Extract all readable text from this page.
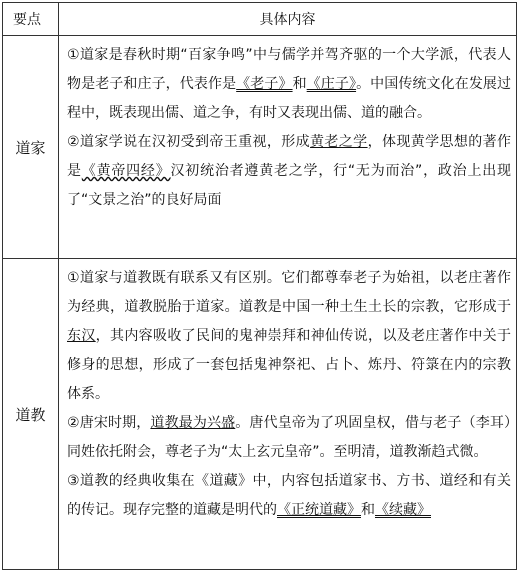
要点	具体内容
道家	①道家是春秋时期“百家争鸣”中与儒学并驾齐驱的一个大学派，代表人物是老子和庄子，代表作是《老子》和《庄子》。中国传统文化在发展过程中，既表现出儒、道之争，有时又表现出儒、道的融合。

②道家学说在汉初受到帝王重视，形成黄老之学，体现黄学思想的著作是《黄帝四经》汉初统治者遵黄老之学，行“无为而治”，政治上出现了“文景之治”的良好局面

道教	①道家与道教既有联系又有区别。它们都尊奉老子为始祖，以老庄著作为经典，道教脱胎于道家。道教是中国一种土生土长的宗教，它形成于东汉，其内容吸收了民间的鬼神崇拜和神仙传说，以及老庄著作中关于修身的思想，形成了一套包括鬼神祭祀、占卜、炼丹、符箓在内的宗教体系。

②唐宋时期，道教最为兴盛。唐代皇帝为了巩固皇权，借与老子（李耳）同姓依托附会，尊老子为“太上玄元皇帝”。至明清，道教渐趋式微。

③道教的经典收集在《道藏》中，内容包括道家书、方书、道经和有关的传记。现存完整的道藏是明代的《正统道藏》和《续藏》
